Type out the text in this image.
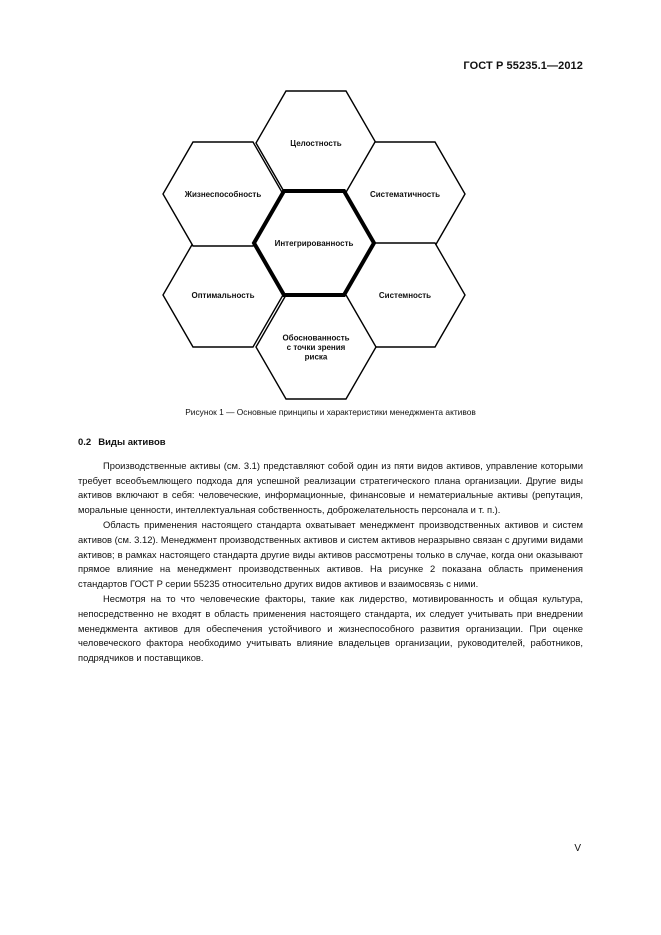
ГОСТ Р 55235.1—2012
Целостность
Систематичность
Системность
Обоснованность
с точки зрения
риска
Оптимальность
Жизнеспособность
Интегрированность
Рисунок 1 — Основные принципы и характеристики менеджмента активов
0.2 Виды активов

Производственные активы (см. 3.1) представляют собой один из пяти видов активов, управление которыми требует всеобъемлющего подхода для успешной реализации стратегического плана организации. Другие виды активов включают в себя: человеческие, информационные, финансовые и нематериальные активы (репутация, моральные ценности, интеллектуальная собственность, доброжелательность персонала и т. п.).

Область применения настоящего стандарта охватывает менеджмент производственных активов и систем активов (см. 3.12). Менеджмент производственных активов и систем активов неразрывно связан с другими видами активов; в рамках настоящего стандарта другие виды активов рассмотрены только в случае, когда они оказывают прямое влияние на менеджмент производственных активов. На рисунке 2 показана область применения стандартов ГОСТ Р серии 55235 относительно других видов активов и взаимосвязь с ними.

Несмотря на то что человеческие факторы, такие как лидерство, мотивированность и общая культура, непосредственно не входят в область применения настоящего стандарта, их следует учитывать при внедрении менеджмента активов для обеспечения устойчивого и жизнеспособного развития организации. При оценке человеческого фактора необходимо учитывать влияние владельцев организации, руководителей, работников, подрядчиков и поставщиков.

V
